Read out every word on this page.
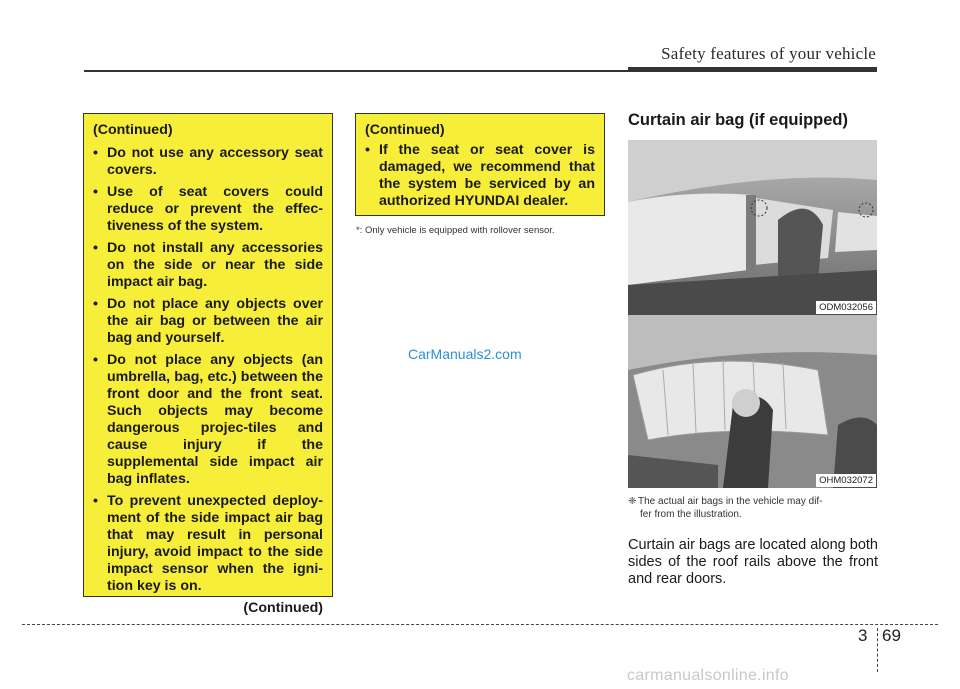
Safety features of your vehicle
(Continued)
• Do not use any accessory seat covers.
• Use of seat covers could reduce or prevent the effec-tiveness of the system.
• Do not install any accessories on the side or near the side impact air bag.
• Do not place any objects over the air bag or between the air bag and yourself.
• Do not place any objects (an umbrella, bag, etc.) between the front door and the front seat. Such objects may become dangerous projec-tiles and cause injury if the supplemental side impact air bag inflates.
• To prevent unexpected deploy-ment of the side impact air bag that may result in personal injury, avoid impact to the side impact sensor when the igni-tion key is on.
(Continued)
(Continued)
• If the seat or seat cover is damaged, we recommend that the system be serviced by an authorized HYUNDAI dealer.
*: Only vehicle is equipped with rollover sensor.
CarManuals2.com
Curtain air bag (if equipped)
ODM032056
OHM032072
❈ The actual air bags in the vehicle may dif-
fer from the illustration.
Curtain air bags are located along both sides of the roof rails above the front and rear doors.
3 69
carmanualsonline.info
